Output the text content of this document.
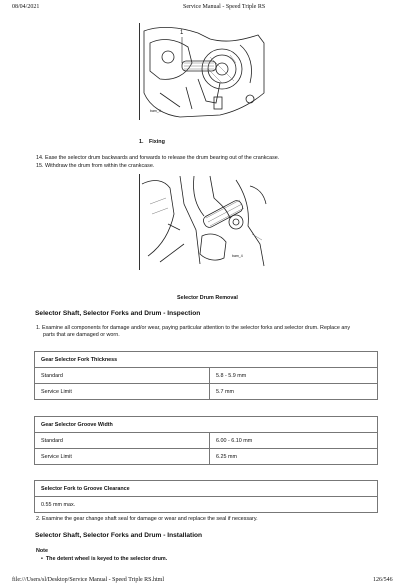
08/04/2021	Service Manual - Speed Triple RS
1
bam_3
1. Fixing
14. Ease the selector drum backwards and forwards to release the drum bearing out of the crankcase.
15. Withdraw the drum from within the crankcase.
bam_4
Selector Drum Removal
Selector Shaft, Selector Forks and Drum - Inspection
1. Examine all components for damage and/or wear, paying particular attention to the selector forks and selector drum. Replace any
parts that are damaged or worn.
Gear Selector Fork Thickness	
Standard	5.8 - 5.9 mm
Service Limit	5.7 mm
Gear Selector Groove Width	
Standard	6.00 - 6.10 mm
Service Limit	6.25 mm
Selector Fork to Groove Clearance
0.55 mm max.
2. Examine the gear change shaft seal for damage or wear and replace the seal if necessary.
Selector Shaft, Selector Forks and Drum - Installation
Note
• The detent wheel is keyed to the selector drum.
file:///Users/sl/Desktop/Service Manual - Speed Triple RS.html	126/546
